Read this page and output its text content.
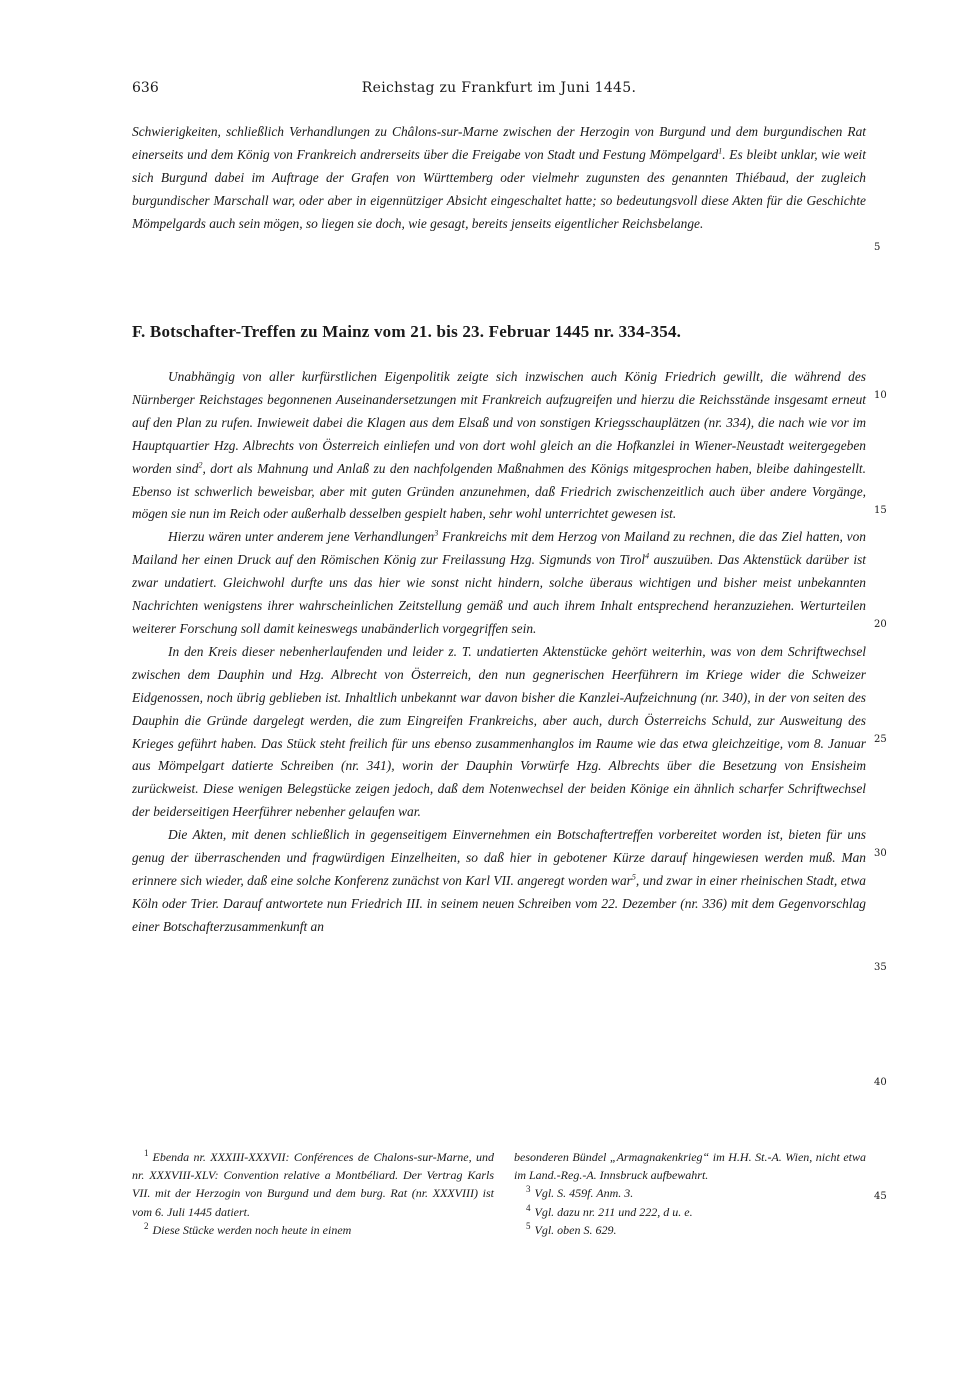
636	Reichstag zu Frankfurt im Juni 1445.

Schwierigkeiten, schließlich Verhandlungen zu Châlons-sur-Marne zwischen der Herzogin von Burgund und dem burgundischen Rat einerseits und dem König von Frankreich andrerseits über die Freigabe von Stadt und Festung Mömpelgard$^1$. Es bleibt unklar, wie weit sich Burgund dabei im Auftrage der Grafen von Württemberg oder vielmehr zugunsten des genannten Thiébaud, der zugleich burgundischer Marschall war, oder aber in eigennütziger Absicht eingeschaltet hatte; so bedeutungsvoll diese Akten für die Geschichte Mömpelgards auch sein mögen, so liegen sie doch, wie gesagt, bereits jenseits eigentlicher Reichsbelange.

F. Botschafter-Treffen zu Mainz vom 21. bis 23. Februar 1445 nr. 334-354.

Unabhängig von aller kurfürstlichen Eigenpolitik zeigte sich inzwischen auch König Friedrich gewillt, die während des Nürnberger Reichstages begonnenen Auseinandersetzungen mit Frankreich aufzugreifen und hierzu die Reichsstände insgesamt erneut auf den Plan zu rufen. Inwieweit dabei die Klagen aus dem Elsaß und von sonstigen Kriegsschauplätzen (nr. 334), die nach wie vor im Hauptquartier Hzg. Albrechts von Österreich einliefen und von dort wohl gleich an die Hofkanzlei in Wiener-Neustadt weitergegeben worden sind$^2$, dort als Mahnung und Anlaß zu den nachfolgenden Maßnahmen des Königs mitgesprochen haben, bleibe dahingestellt. Ebenso ist schwerlich beweisbar, aber mit guten Gründen anzunehmen, daß Friedrich zwischenzeitlich auch über andere Vorgänge, mögen sie nun im Reich oder außerhalb desselben gespielt haben, sehr wohl unterrichtet gewesen ist.

Hierzu wären unter anderem jene Verhandlungen$^3$ Frankreichs mit dem Herzog von Mailand zu rechnen, die das Ziel hatten, von Mailand her einen Druck auf den Römischen König zur Freilassung Hzg. Sigmunds von Tirol$^4$ auszuüben. Das Aktenstück darüber ist zwar undatiert. Gleichwohl durfte uns das hier wie sonst nicht hindern, solche überaus wichtigen und bisher meist unbekannten Nachrichten wenigstens ihrer wahrscheinlichen Zeitstellung gemäß und auch ihrem Inhalt entsprechend heranzuziehen. Werturteilen weiterer Forschung soll damit keineswegs unabänderlich vorgegriffen sein.

In den Kreis dieser nebenherlaufenden und leider z. T. undatierten Aktenstücke gehört weiterhin, was von dem Schriftwechsel zwischen dem Dauphin und Hzg. Albrecht von Österreich, den nun gegnerischen Heerführern im Kriege wider die Schweizer Eidgenossen, noch übrig geblieben ist. Inhaltlich unbekannt war davon bisher die Kanzlei-Aufzeichnung (nr. 340), in der von seiten des Dauphin die Gründe dargelegt werden, die zum Eingreifen Frankreichs, aber auch, durch Österreichs Schuld, zur Ausweitung des Krieges geführt haben. Das Stück steht freilich für uns ebenso zusammenhanglos im Raume wie das etwa gleichzeitige, vom 8. Januar aus Mömpelgart datierte Schreiben (nr. 341), worin der Dauphin Vorwürfe Hzg. Albrechts über die Besetzung von Ensisheim zurückweist. Diese wenigen Belegstücke zeigen jedoch, daß dem Notenwechsel der beiden Könige ein ähnlich scharfer Schriftwechsel der beiderseitigen Heerführer nebenher gelaufen war.

Die Akten, mit denen schließlich in gegenseitigem Einvernehmen ein Botschaftertreffen vorbereitet worden ist, bieten für uns genug der überraschenden und fragwürdigen Einzelheiten, so daß hier in gebotener Kürze darauf hingewiesen werden muß. Man erinnere sich wieder, daß eine solche Konferenz zunächst von Karl VII. angeregt worden war$^5$, und zwar in einer rheinischen Stadt, etwa Köln oder Trier. Darauf antwortete nun Friedrich III. in seinem neuen Schreiben vom 22. Dezember (nr. 336) mit dem Gegenvorschlag einer Botschafterzusammenkunft an

5
10
15
20
25
30
35
40
45

$^1$ Ebenda nr. XXXIII-XXXVII: Conférences de Chalons-sur-Marne, und nr. XXXVIII-XLV: Convention relative a Montbéliard. Der Vertrag Karls VII. mit der Herzogin von Burgund und dem burg. Rat (nr. XXXVIII) ist vom 6. Juli 1445 datiert.

$^2$ Diese Stücke werden noch heute in einem

besonderen Bündel „Armagnakenkrieg“ im H.H. St.-A. Wien, nicht etwa im Land.-Reg.-A. Innsbruck aufbewahrt.

$^3$ Vgl. S. 459f. Anm. 3.

$^4$ Vgl. dazu nr. 211 und 222, d u. e.

$^5$ Vgl. oben S. 629.
